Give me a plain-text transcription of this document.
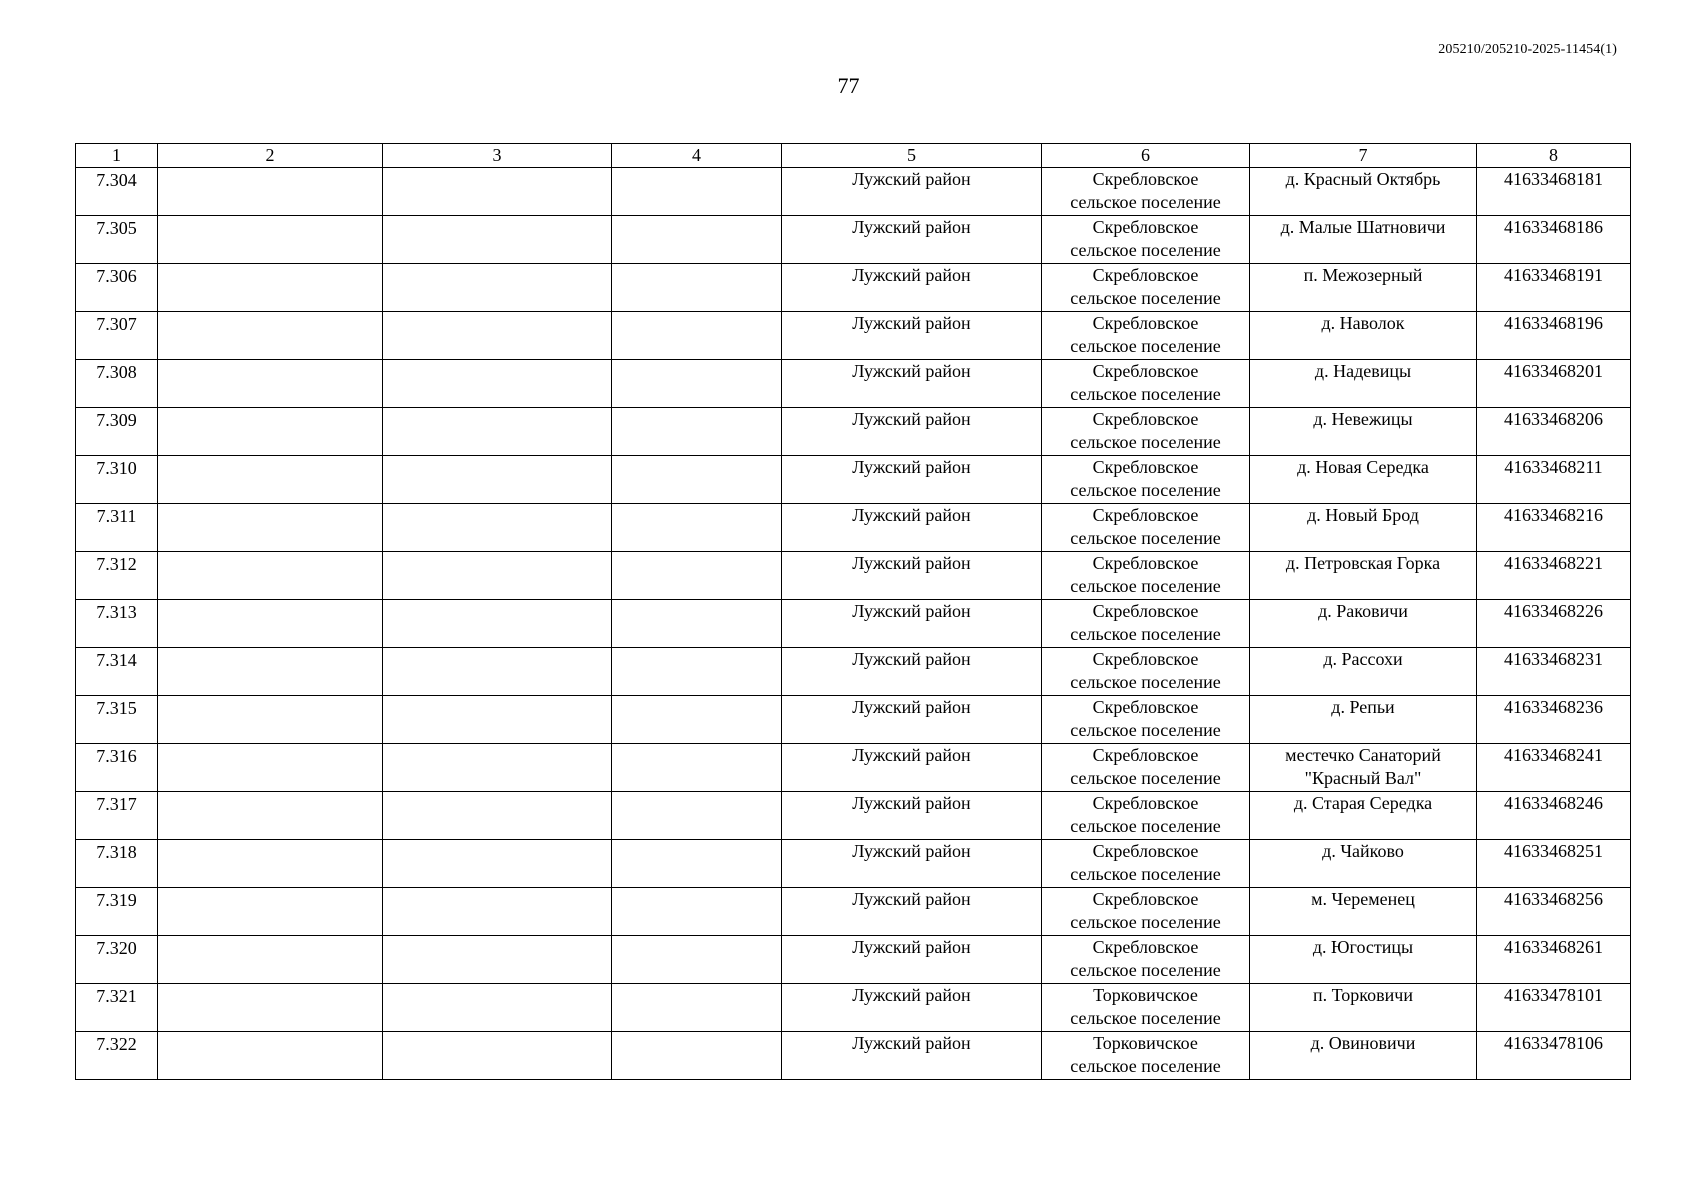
205210/205210-2025-11454(1)
77
1	2	3	4	5	6	7	8
7.304				Лужский район	Скребловское
сельское поселение	д. Красный Октябрь	41633468181
7.305				Лужский район	Скребловское
сельское поселение	д. Малые Шатновичи	41633468186
7.306				Лужский район	Скребловское
сельское поселение	п. Межозерный	41633468191
7.307				Лужский район	Скребловское
сельское поселение	д. Наволок	41633468196
7.308				Лужский район	Скребловское
сельское поселение	д. Надевицы	41633468201
7.309				Лужский район	Скребловское
сельское поселение	д. Невежицы	41633468206
7.310				Лужский район	Скребловское
сельское поселение	д. Новая Середка	41633468211
7.311				Лужский район	Скребловское
сельское поселение	д. Новый Брод	41633468216
7.312				Лужский район	Скребловское
сельское поселение	д. Петровская Горка	41633468221
7.313				Лужский район	Скребловское
сельское поселение	д. Раковичи	41633468226
7.314				Лужский район	Скребловское
сельское поселение	д. Рассохи	41633468231
7.315				Лужский район	Скребловское
сельское поселение	д. Репьи	41633468236
7.316				Лужский район	Скребловское
сельское поселение	местечко Санаторий
"Красный Вал"	41633468241
7.317				Лужский район	Скребловское
сельское поселение	д. Старая Середка	41633468246
7.318				Лужский район	Скребловское
сельское поселение	д. Чайково	41633468251
7.319				Лужский район	Скребловское
сельское поселение	м. Череменец	41633468256
7.320				Лужский район	Скребловское
сельское поселение	д. Югостицы	41633468261
7.321				Лужский район	Торковичское
сельское поселение	п. Торковичи	41633478101
7.322				Лужский район	Торковичское
сельское поселение	д. Овиновичи	41633478106
